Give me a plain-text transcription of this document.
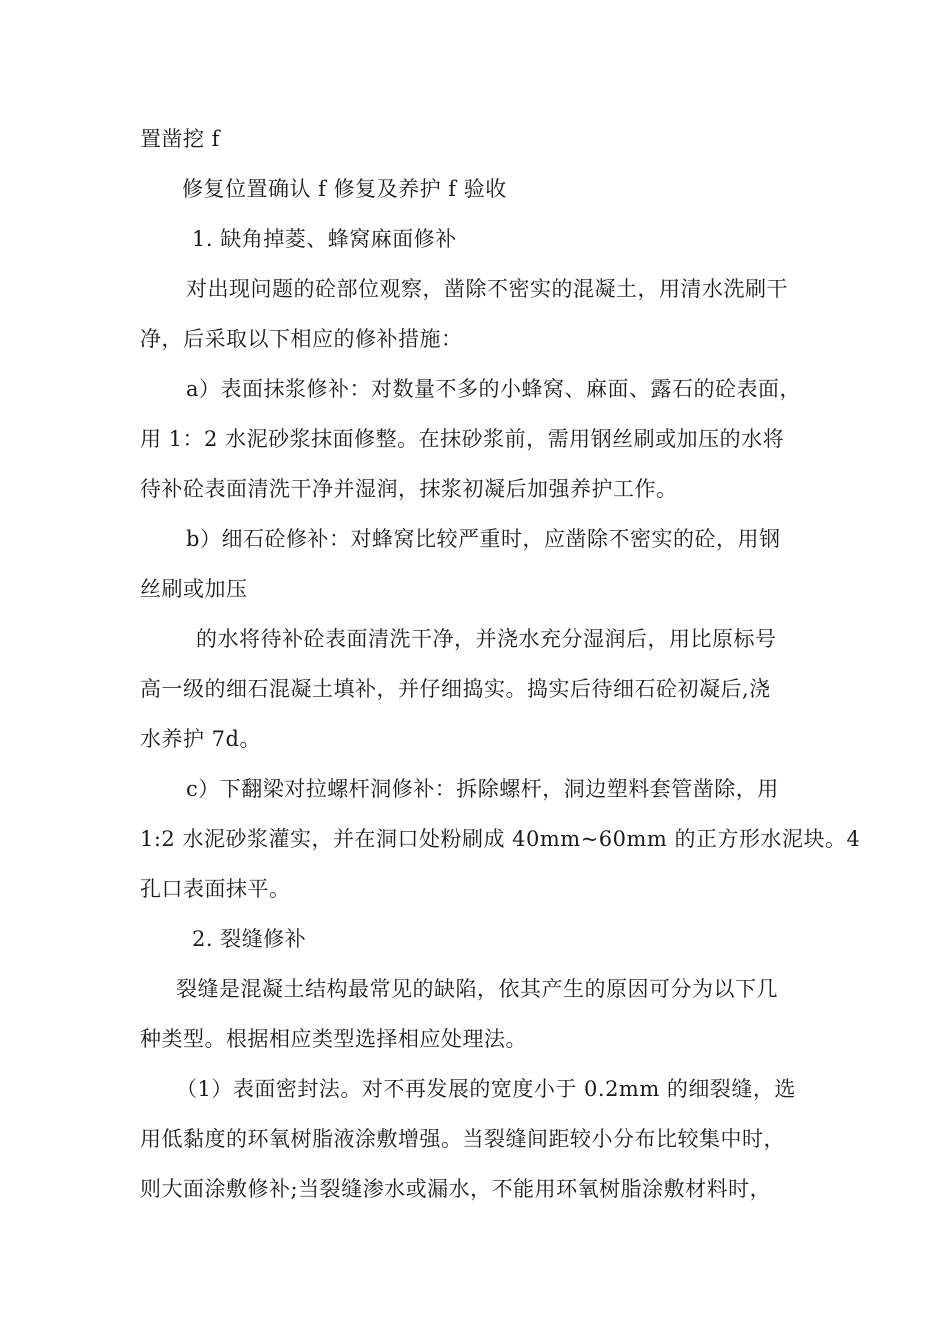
置凿挖 f
修复位置确认 f 修复及养护 f 验收
1. 缺角掉菱、蜂窝麻面修补
对出现问题的砼部位观察，凿除不密实的混凝土，用清水洗刷干
净，后采取以下相应的修补措施：
a）表面抹浆修补：对数量不多的小蜂窝、麻面、露石的砼表面，
用 1：2 水泥砂浆抹面修整。在抹砂浆前，需用钢丝刷或加压的水将
待补砼表面清洗干净并湿润，抹浆初凝后加强养护工作。
b）细石砼修补：对蜂窝比较严重时，应凿除不密实的砼，用钢
丝刷或加压
的水将待补砼表面清洗干净，并浇水充分湿润后，用比原标号
高一级的细石混凝土填补，并仔细捣实。捣实后待细石砼初凝后,浇
水养护 7d。
c）下翻梁对拉螺杆洞修补：拆除螺杆，洞边塑料套管凿除，用
1:2 水泥砂浆灌实，并在洞口处粉刷成 40mm~60mm 的正方形水泥块。4
孔口表面抹平。
2. 裂缝修补
裂缝是混凝土结构最常见的缺陷，依其产生的原因可分为以下几
种类型。根据相应类型选择相应处理法。
（1）表面密封法。对不再发展的宽度小于 0.2mm 的细裂缝，选
用低黏度的环氧树脂液涂敷增强。当裂缝间距较小分布比较集中时，
则大面涂敷修补;当裂缝渗水或漏水，不能用环氧树脂涂敷材料时，
